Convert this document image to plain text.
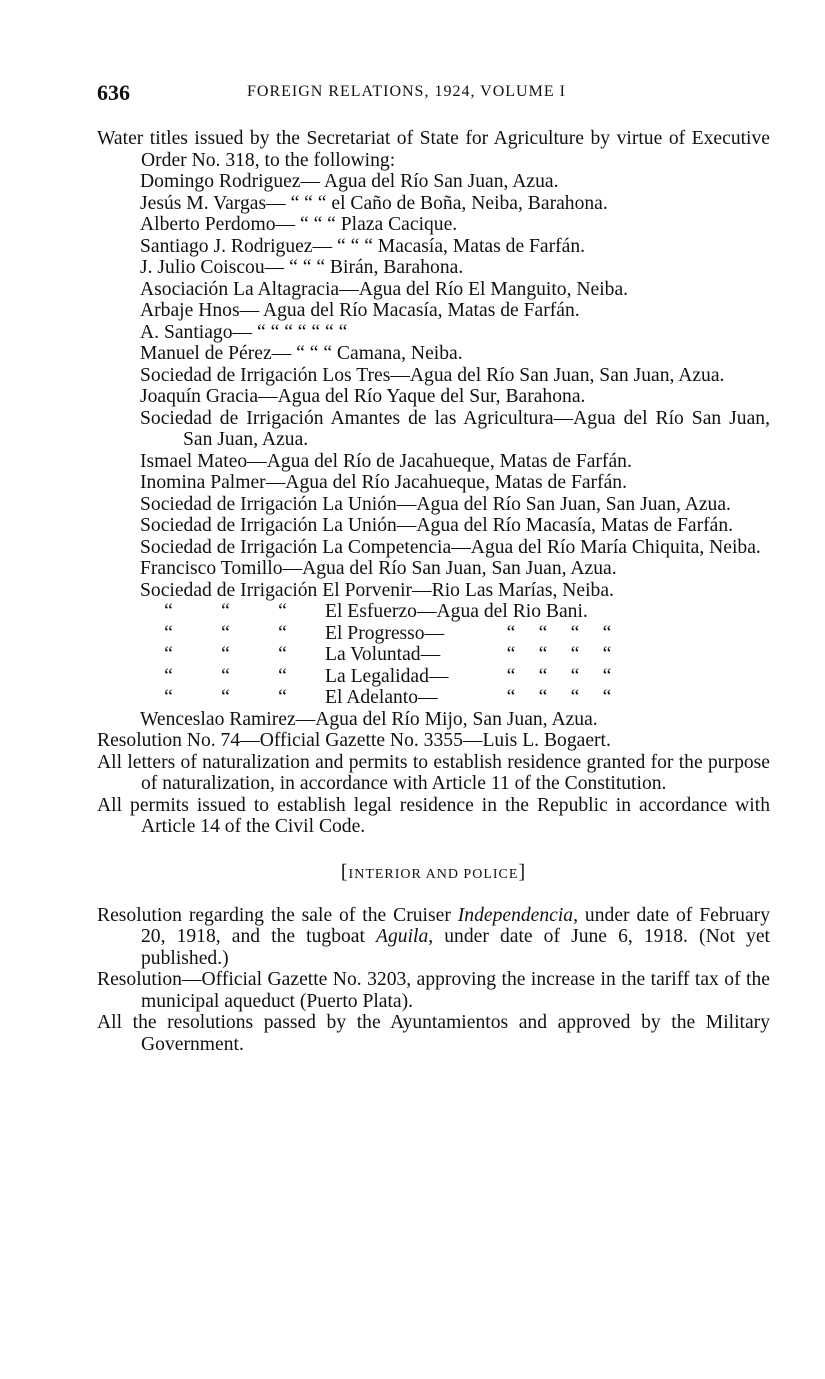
636	FOREIGN RELATIONS, 1924, VOLUME I

Water titles issued by the Secretariat of State for Agriculture by virtue of Executive Order No. 318, to the following:

Domingo Rodriguez— Agua del Río San Juan, Azua.

Jesús M. Vargas— “ “ “ el Caño de Boña, Neiba, Barahona.

Alberto Perdomo— “ “ “ Plaza Cacique.

Santiago J. Rodriguez— “ “ “ Macasía, Matas de Farfán.

J. Julio Coiscou— “ “ “ Birán, Barahona.

Asociación La Altagracia—Agua del Río El Manguito, Neiba.

Arbaje Hnos— Agua del Río Macasía, Matas de Farfán.

A. Santiago— “ “ “ “ “ “ “

Manuel de Pérez— “ “ “ Camana, Neiba.

Sociedad de Irrigación Los Tres—Agua del Río San Juan, San Juan, Azua.

Joaquín Gracia—Agua del Río Yaque del Sur, Barahona.

Sociedad de Irrigación Amantes de las Agricultura—Agua del Río San Juan, San Juan, Azua.

Ismael Mateo—Agua del Río de Jacahueque, Matas de Farfán.

Inomina Palmer—Agua del Río Jacahueque, Matas de Farfán.

Sociedad de Irrigación La Unión—Agua del Río San Juan, San Juan, Azua.

Sociedad de Irrigación La Unión—Agua del Río Macasía, Matas de Farfán.

Sociedad de Irrigación La Competencia—Agua del Río María Chiquita, Neiba.

Francisco Tomillo—Agua del Río San Juan, San Juan, Azua.

Sociedad de Irrigación El Porvenir—Rio Las Marías, Neiba.

“	“	“	El Esfuerzo—Agua del Rio Bani.
“	“	“	El Progresso—	“	“	“	“
“	“	“	La Voluntad—	“	“	“	“
“	“	“	La Legalidad—	“	“	“	“
“	“	“	El Adelanto—	“	“	“	“

Wenceslao Ramirez—Agua del Río Mijo, San Juan, Azua.

Resolution No. 74—Official Gazette No. 3355—Luis L. Bogaert.

All letters of naturalization and permits to establish residence granted for the purpose of naturalization, in accordance with Article 11 of the Constitution.

All permits issued to establish legal residence in the Republic in accordance with Article 14 of the Civil Code.

[INTERIOR AND POLICE]

Resolution regarding the sale of the Cruiser Independencia, under date of February 20, 1918, and the tugboat Aguila, under date of June 6, 1918. (Not yet published.)

Resolution—Official Gazette No. 3203, approving the increase in the tariff tax of the municipal aqueduct (Puerto Plata).

All the resolutions passed by the Ayuntamientos and approved by the Military Government.
